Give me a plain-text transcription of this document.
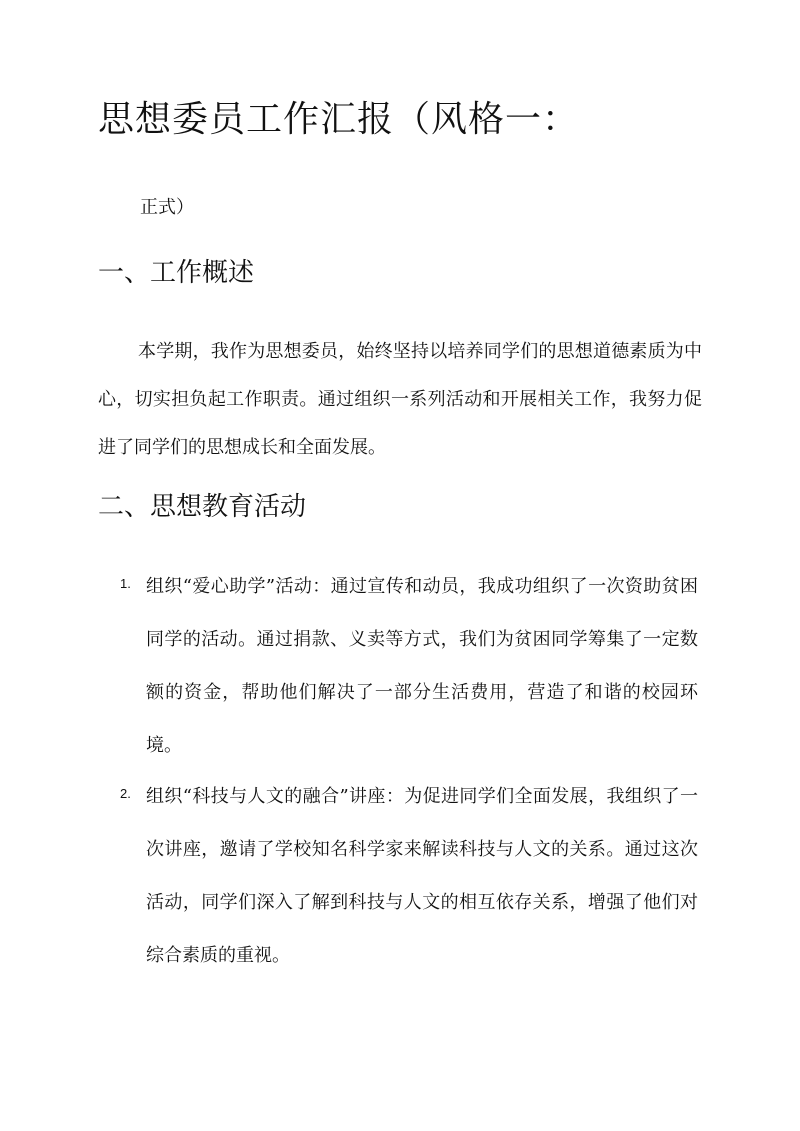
思想委员工作汇报（风格一：

正式）

一、工作概述

本学期，我作为思想委员，始终坚持以培养同学们的思想道德素质为中心，切实担负起工作职责。通过组织一系列活动和开展相关工作，我努力促进了同学们的思想成长和全面发展。

二、思想教育活动
1. 组织“爱心助学”活动：通过宣传和动员，我成功组织了一次资助贫困同学的活动。通过捐款、义卖等方式，我们为贫困同学筹集了一定数额的资金，帮助他们解决了一部分生活费用，营造了和谐的校园环境。

2. 组织“科技与人文的融合”讲座：为促进同学们全面发展，我组织了一次讲座，邀请了学校知名科学家来解读科技与人文的关系。通过这次活动，同学们深入了解到科技与人文的相互依存关系，增强了他们对综合素质的重视。
